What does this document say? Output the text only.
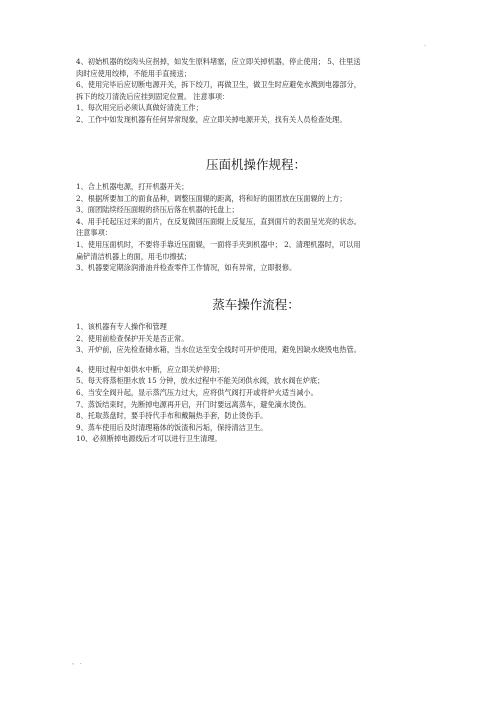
.
4、初始机器的绞肉头应拐掉，如发生原料堵塞，应立即关掉机器，停止使用； 5、往里送
肉时应使用绞棒，不能用手直接送；
6、使用完毕后应切断电源开关，拆下绞刀，再做卫生，做卫生时应避免水溅到电器部分，
拆下的绞刀清洗后应挂到固定位置。 注意事项：
1、每次用完后必须认真做好清洗工作；
2、工作中如发现机器有任何异常现象，应立即关掉电源开关，找有关人员检查处理。
压面机操作规程：
1、合上机器电源，打开机器开关；
2、根据所要加工的面食品种，调整压面辊的距离，将和好的面团放在压面辊的上方；
3、面团陆续经压面辊的挤压后落在机器的托盘上；
4、用手托起压过来的面片，在反复做回压面辊上反复压，直到面片的表面呈光亮的状态。
注意事项：
1、使用压面机时，不要将手靠近压面辊，一面将手夹到机器中； 2、清理机器时，可以用
扁铲清洁机器上的面，用毛巾擦拭；
3、机器要定期涂润滑油并检查零件工作情况，如有异常，立即报修。
蒸车操作流程：
1、该机器有专人操作和管理
2、使用前检查保护开关是否正常。
3、开炉前，应先检查储水箱，当水位达至安全线时可开炉使用，避免因缺水烧毁电热管。
4、使用过程中如供水中断，应立即关炉停用；
5、每天将蒸柜胆水放 15 分钟，放水过程中不能关闭供水阀，放水阀在炉底；
6、当安全阀升起，显示蒸汽压力过大，应将供气阀打开或将炉火适当减小。
7、蒸饭结束时，先断掉电源再开启，开门时要远离蒸车，避免滴水烫伤。
8、托取蒸盘时，要手持代手布和戴隔热手套，防止烫伤手。
9、蒸车使用后及时清理箱体的饭渣和污垢，保持清洁卫生。
10、必须断掉电源线后才可以进行卫生清理。
， .
